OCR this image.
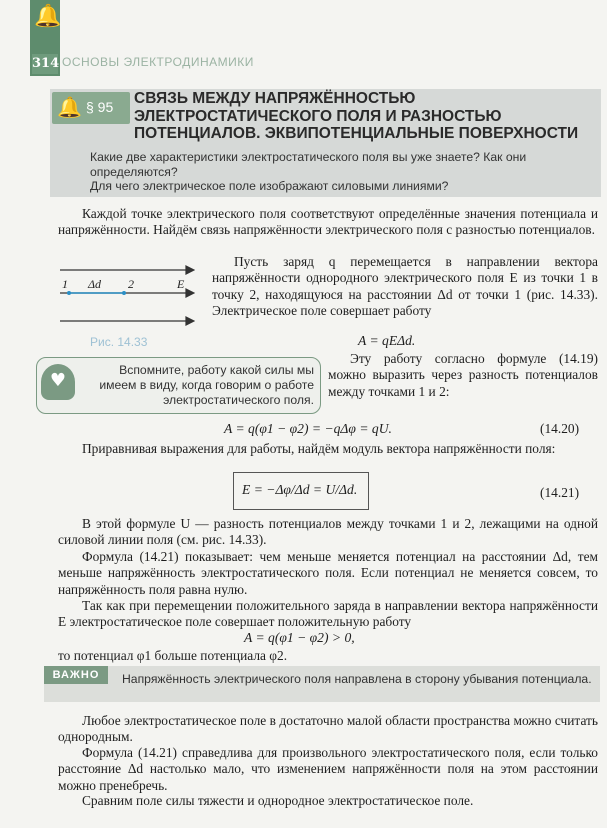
🔔
314 ОСНОВЫ ЭЛЕКТРОДИНАМИКИ
🔔 § 95 СВЯЗЬ МЕЖДУ НАПРЯЖЁННОСТЬЮ ЭЛЕКТРОСТАТИЧЕСКОГО ПОЛЯ И РАЗНОСТЬЮ ПОТЕНЦИАЛОВ. ЭКВИПОТЕНЦИАЛЬНЫЕ ПОВЕРХНОСТИ
Какие две характеристики электростатического поля вы уже знаете? Как они определяются?
Для чего электрическое поле изображают силовыми линиями?
Каждой точке электрического поля соответствуют определённые значения потенциала и напряжённости. Найдём связь напряжённости электрического поля с разностью потенциалов.
1 Δd 2	E
Рис. 14.33
Пусть заряд q перемещается в направлении вектора напряжённости однородного электрического поля E из точки 1 в точку 2, находящуюся на расстоянии Δd от точки 1 (рис. 14.33). Электрическое поле совершает работу
A = qEΔd.
♥	Вспомните, работу какой силы мы имеем в виду, когда говорим о работе электростатического поля.
Эту работу согласно формуле (14.19) можно выразить через разность потенциалов между точками 1 и 2:
A = q(φ1 − φ2) = −qΔφ = qU.	(14.20)
Приравнивая выражения для работы, найдём модуль вектора напряжённости поля:
E = −Δφ/Δd = U/Δd.	(14.21)
В этой формуле U — разность потенциалов между точками 1 и 2, лежащими на одной силовой линии поля (см. рис. 14.33).
Формула (14.21) показывает: чем меньше меняется потенциал на расстоянии Δd, тем меньше напряжённость электростатического поля. Если потенциал не меняется совсем, то напряжённость поля равна нулю.
Так как при перемещении положительного заряда в направлении вектора напряжённости E электростатическое поле совершает положительную работу
A = q(φ1 − φ2) > 0,
то потенциал φ1 больше потенциала φ2.
ВАЖНО	Напряжённость электрического поля направлена в сторону убывания потенциала.
Любое электростатическое поле в достаточно малой области пространства можно считать однородным.
Формула (14.21) справедлива для произвольного электростатического поля, если только расстояние Δd настолько мало, что изменением напряжённости поля на этом расстоянии можно пренебречь.
Сравним поле силы тяжести и однородное электростатическое поле.
